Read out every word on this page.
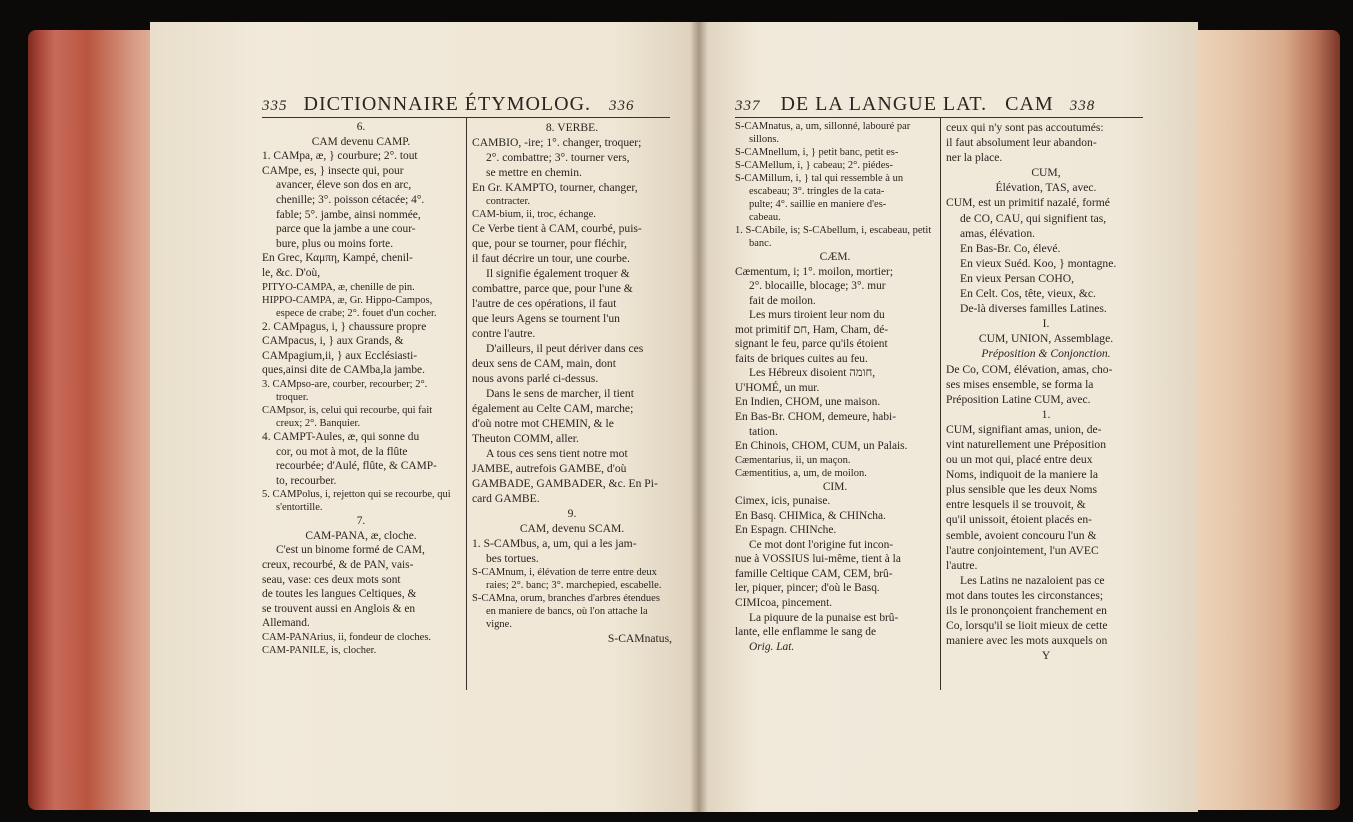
335 DICTIONNAIRE ÉTYMOLOG. 336

6.

CAM devenu CAMP.

1. CAMpa, æ, } courbure; 2°. tout

CAMpe, es, } insecte qui, pour

avancer, éleve son dos en arc,

chenille; 3°. poisson cétacée; 4°.

fable; 5°. jambe, ainsi nommée,

parce que la jambe a une cour-

bure, plus ou moins forte.

En Grec, Καμπη, Kampé, chenil-

le, &c. D'où,

PITYO-CAMPA, æ, chenille de pin.

HIPPO-CAMPA, æ, Gr. Hippo-Campos,

espece de crabe; 2°. fouet d'un cocher.

2. CAMpagus, i, } chaussure propre

CAMpacus, i, } aux Grands, &

CAMpagium,ii, } aux Ecclésiasti-

ques,ainsi dite de CAMba,la jambe.

3. CAMpso-are, courber, recourber; 2°. troquer.

CAMpsor, is, celui qui recourbe, qui fait creux; 2°. Banquier.

4. CAMPT-Aules, æ, qui sonne du

cor, ou mot à mot, de la flûte

recourbée; d'Aulé, flûte, & CAMP-

to, recourber.

5. CAMPolus, i, rejetton qui se recourbe, qui s'entortille.

7.

CAM-PANA, æ, cloche.

C'est un binome formé de CAM,

creux, recourbé, & de PAN, vais-

seau, vase: ces deux mots sont

de toutes les langues Celtiques, &

se trouvent aussi en Anglois & en

Allemand.

CAM-PANArius, ii, fondeur de cloches.

CAM-PANILE, is, clocher.

8. VERBE.

CAMBIO, -ire; 1°. changer, troquer;

2°. combattre; 3°. tourner vers,

se mettre en chemin.

En Gr. KAMPTO, tourner, changer,

contracter.

CAM-bium, ii, troc, échange.

Ce Verbe tient à CAM, courbé, puis-

que, pour se tourner, pour fléchir,

il faut décrire un tour, une courbe.

Il signifie également troquer &

combattre, parce que, pour l'une &

l'autre de ces opérations, il faut

que leurs Agens se tournent l'un

contre l'autre.

D'ailleurs, il peut dériver dans ces

deux sens de CAM, main, dont

nous avons parlé ci-dessus.

Dans le sens de marcher, il tient

également au Celte CAM, marche;

d'où notre mot CHEMIN, & le

Theuton COMM, aller.

A tous ces sens tient notre mot

JAMBE, autrefois GAMBE, d'où

GAMBADE, GAMBADER, &c. En Pi-

card GAMBE.

9.

CAM, devenu SCAM.

1. S-CAMbus, a, um, qui a les jam-

bes tortues.

S-CAMnum, i, élévation de terre entre deux raies; 2°. banc; 3°. marchepied, escabelle.

S-CAMna, orum, branches d'arbres étendues en maniere de bancs, où l'on attache la vigne.

S-CAMnatus,

337 DE LA LANGUE LAT. CAM 338

S-CAMnatus, a, um, sillonné, labouré par sillons.

S-CAMnellum, i, } petit banc, petit es-

S-CAMellum, i, } cabeau; 2°. piédes-

S-CAMillum, i, } tal qui ressemble à un

escabeau; 3°. tringles de la cata-

pulte; 4°. saillie en maniere d'es-

cabeau.

1. S-CAbile, is; S-CAbellum, i, escabeau, petit banc.

CÆM.

Cæmentum, i; 1°. moilon, mortier;

2°. blocaille, blocage; 3°. mur

fait de moilon.

Les murs tiroient leur nom du

mot primitif חם, Ham, Cham, dé-

signant le feu, parce qu'ils étoient

faits de briques cuites au feu.

Les Hébreux disoient חומה,

U'HOMÉ, un mur.

En Indien, CHOM, une maison.

En Bas-Br. CHOM, demeure, habi-

tation.

En Chinois, CHOM, CUM, un Palais.

Cæmentarius, ii, un maçon.

Cæmentitius, a, um, de moilon.

CIM.

Cimex, icis, punaise.

En Basq. CHIMica, & CHINcha.

En Espagn. CHINche.

Ce mot dont l'origine fut incon-

nue à VOSSIUS lui-même, tient à la

famille Celtique CAM, CEM, brû-

ler, piquer, pincer; d'où le Basq.

CIMIcoa, pincement.

La piquure de la punaise est brû-

lante, elle enflamme le sang de

Orig. Lat.

ceux qui n'y sont pas accoutumés:

il faut absolument leur abandon-

ner la place.

CUM,

Élévation, TAS, avec.

CUM, est un primitif nazalé, formé

de CO, CAU, qui signifient tas,

amas, élévation.

En Bas-Br. Co, élevé.

En vieux Suéd. Koo, } montagne.

En vieux Persan COHO,

En Celt. Cos, tête, vieux, &c.

De-là diverses familles Latines.

I.

CUM, UNION, Assemblage.

Préposition & Conjonction.

De Co, COM, élévation, amas, cho-

ses mises ensemble, se forma la

Préposition Latine CUM, avec.

1.

CUM, signifiant amas, union, de-

vint naturellement une Préposition

ou un mot qui, placé entre deux

Noms, indiquoit de la maniere la

plus sensible que les deux Noms

entre lesquels il se trouvoit, &

qu'il unissoit, étoient placés en-

semble, avoient concouru l'un &

l'autre conjointement, l'un AVEC

l'autre.

Les Latins ne nazaloient pas ce

mot dans toutes les circonstances;

ils le prononçoient franchement en

Co, lorsqu'il se lioit mieux de cette

maniere avec les mots auxquels on

Y
